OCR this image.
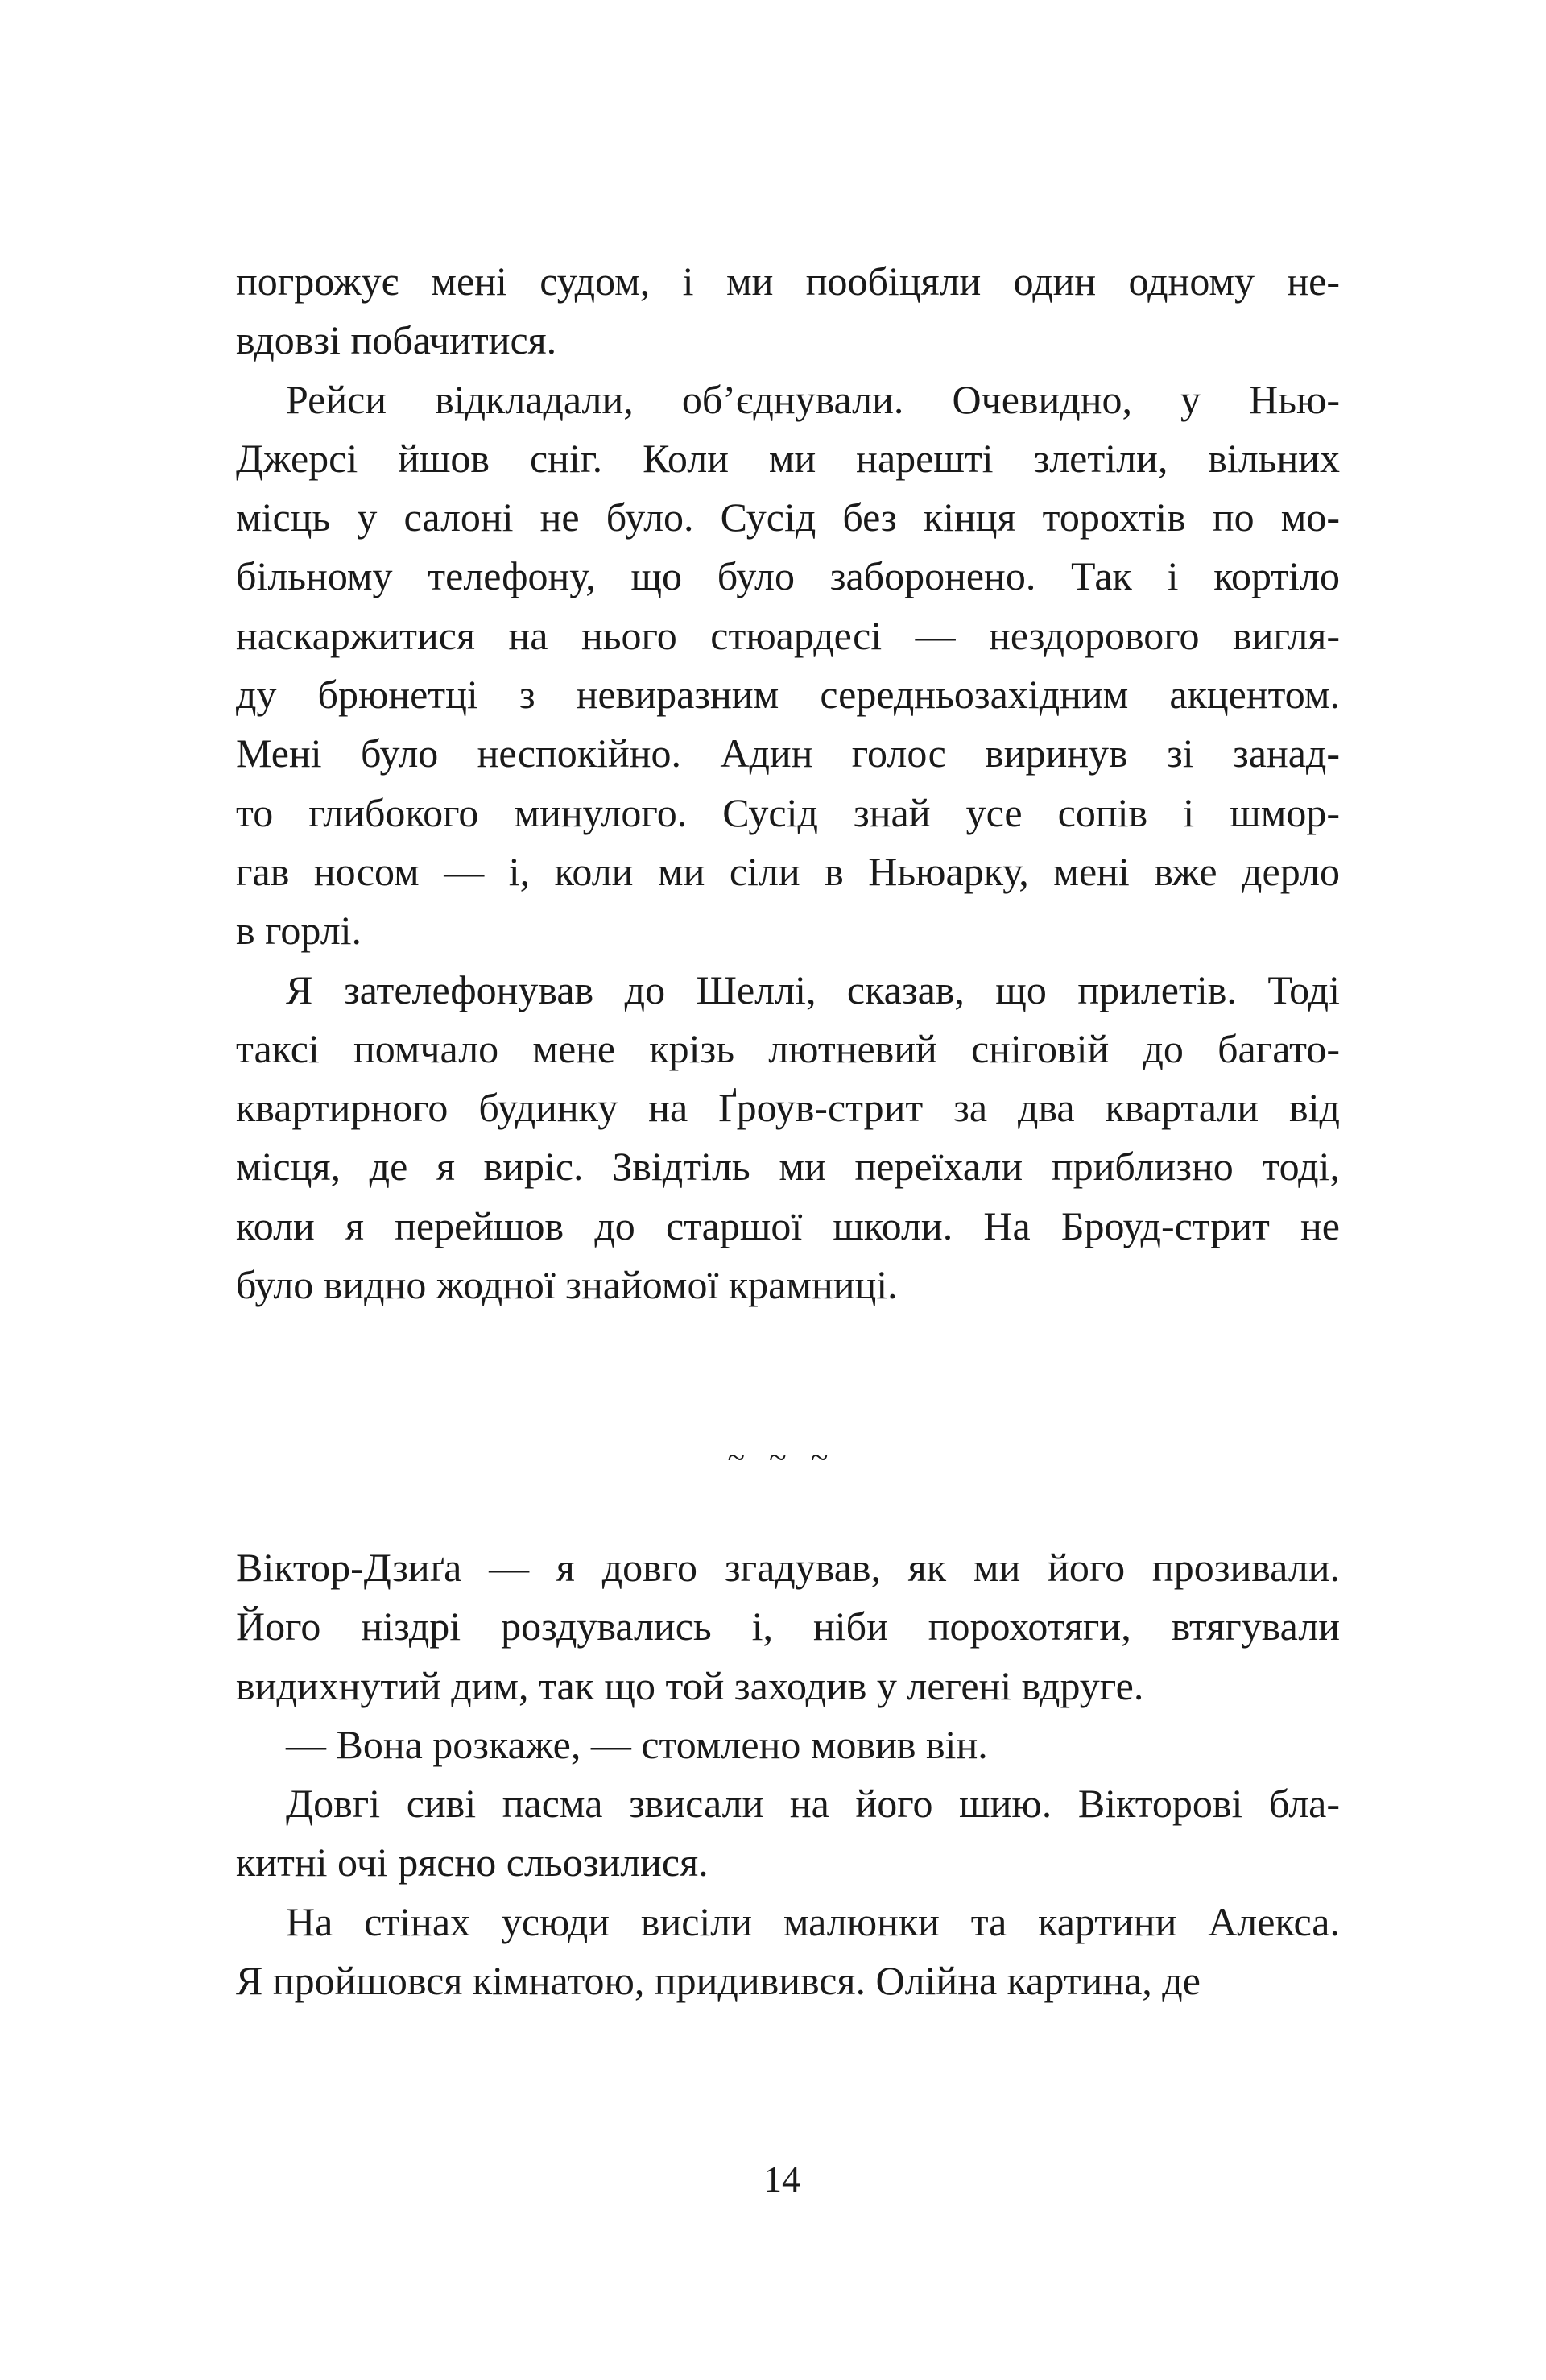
погрожує мені судом, і ми пообіцяли один одному не-
вдовзі побачитися.
Рейси відкладали, об’єднували. Очевидно, у Нью-
Джерсі йшов сніг. Коли ми нарешті злетіли, вільних
місць у салоні не було. Сусід без кінця торохтів по мо-
більному телефону, що було заборонено. Так і кортіло
наскаржитися на нього стюардесі — нездорового вигля-
ду брюнетці з невиразним середньозахідним акцентом.
Мені було неспокійно. Адин голос виринув зі занад-
то глибокого минулого. Сусід знай усе сопів і шмор-
гав носом — і, коли ми сіли в Ньюарку, мені вже дерло
в горлі.
Я зателефонував до Шеллі, сказав, що прилетів. Тоді
таксі помчало мене крізь лютневий сніговій до багато-
квартирного будинку на Ґроув-стрит за два квартали від
місця, де я виріс. Звідтіль ми переїхали приблизно тоді,
коли я перейшов до старшої школи. На Броуд-стрит не
було видно жодної знайомої крамниці.
~ ~ ~
Віктор-Дзиґа — я довго згадував, як ми його прозивали.
Його ніздрі роздувались і, ніби порохотяги, втягували
видихнутий дим, так що той заходив у легені вдруге.
— Вона розкаже, — стомлено мовив він.
Довгі сиві пасма звисали на його шию. Вікторові бла-
китні очі рясно сльозилися.
На стінах усюди висіли малюнки та картини Алекса.
Я пройшовся кімнатою, придивився. Олійна картина, де
14
